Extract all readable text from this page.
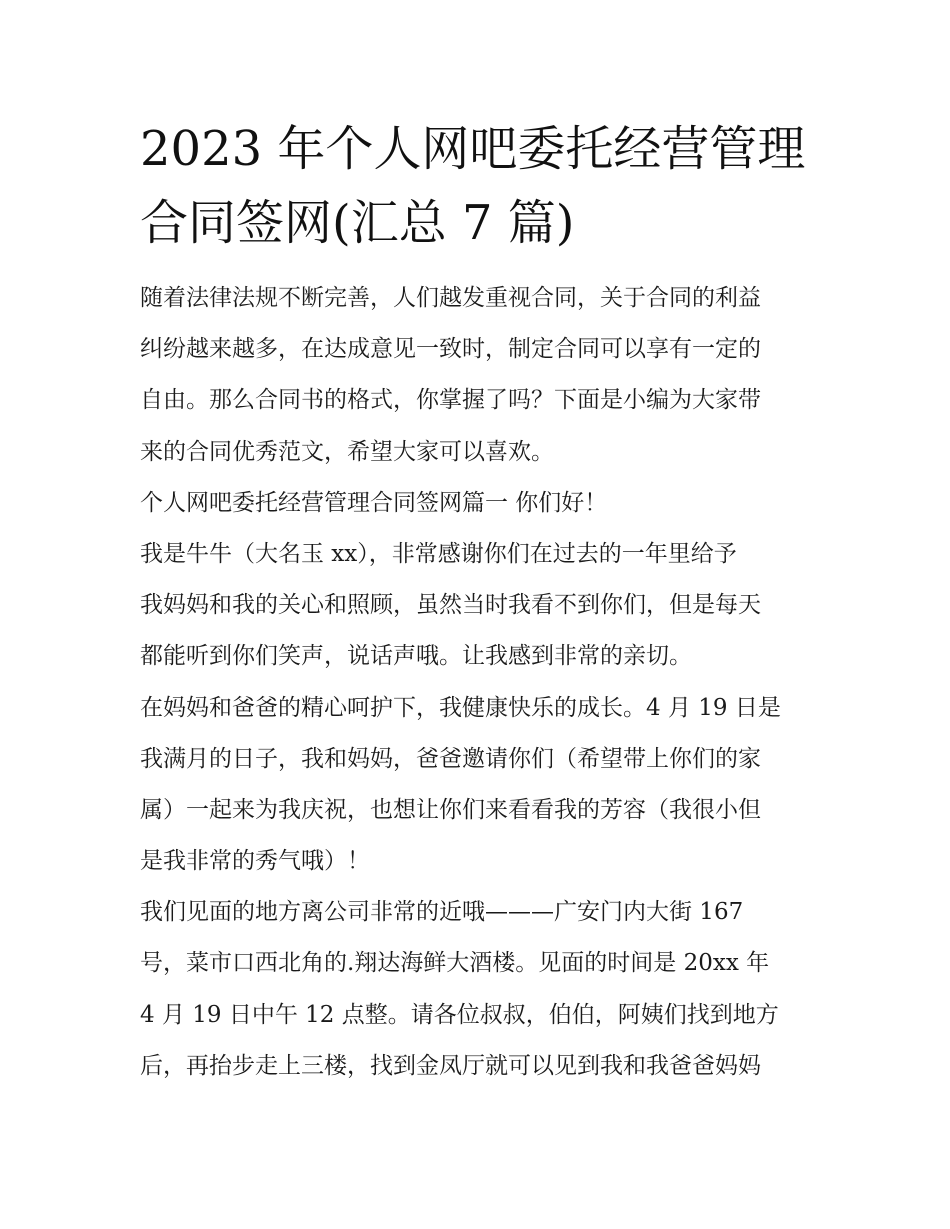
2023 年个人网吧委托经营管理
合同签网(汇总 7 篇)
随着法律法规不断完善，人们越发重视合同，关于合同的利益
纠纷越来越多，在达成意见一致时，制定合同可以享有一定的
自由。那么合同书的格式，你掌握了吗？下面是小编为大家带
来的合同优秀范文，希望大家可以喜欢。
个人网吧委托经营管理合同签网篇一 你们好！
我是牛牛（大名玉 xx），非常感谢你们在过去的一年里给予
我妈妈和我的关心和照顾，虽然当时我看不到你们，但是每天
都能听到你们笑声，说话声哦。让我感到非常的亲切。
在妈妈和爸爸的精心呵护下，我健康快乐的成长。4 月 19 日是
我满月的日子，我和妈妈，爸爸邀请你们（希望带上你们的家
属）一起来为我庆祝，也想让你们来看看我的芳容（我很小但
是我非常的秀气哦）！
我们见面的地方离公司非常的近哦———广安门内大街 167
号，菜市口西北角的.翔达海鲜大酒楼。见面的时间是 20xx 年
4 月 19 日中午 12 点整。请各位叔叔，伯伯，阿姨们找到地方
后，再抬步走上三楼，找到金凤厅就可以见到我和我爸爸妈妈
